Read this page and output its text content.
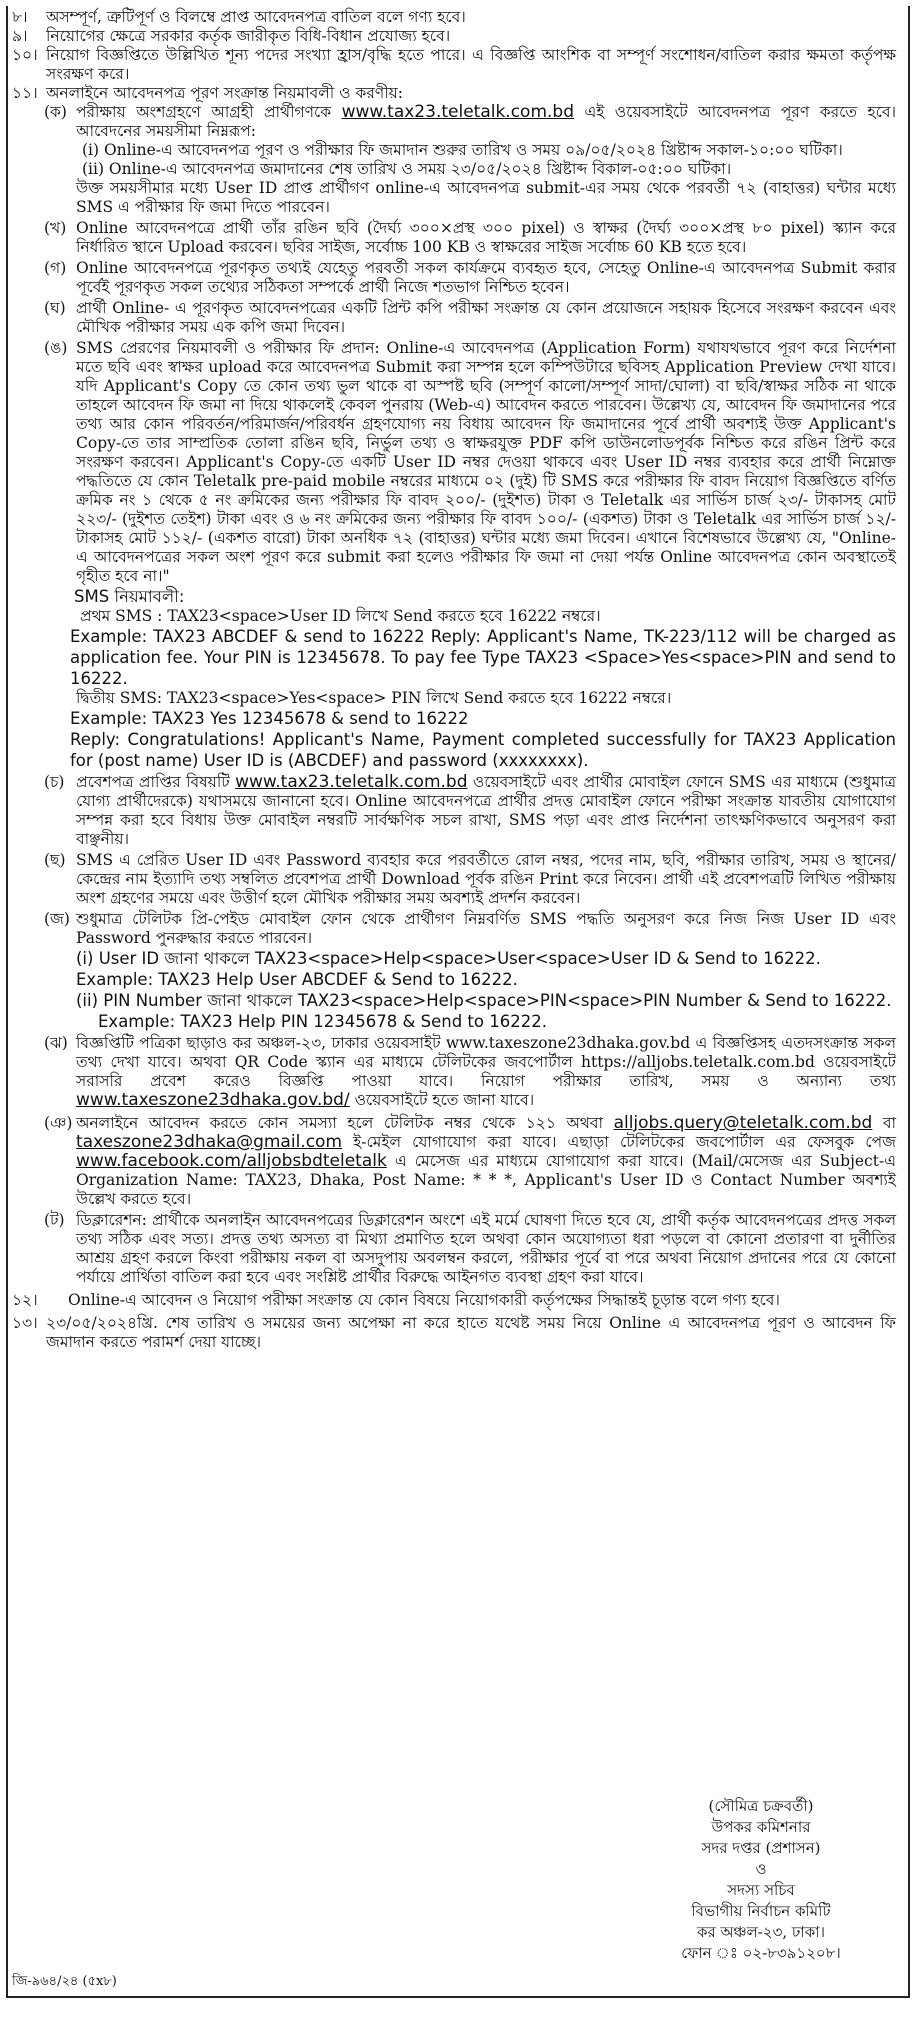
৮। অসম্পূর্ণ, ত্রুটিপূর্ণ ও বিলম্বে প্রাপ্ত আবেদনপত্র বাতিল বলে গণ্য হবে।
৯। নিয়োগের ক্ষেত্রে সরকার কর্তৃক জারীকৃত বিধি-বিধান প্রযোজ্য হবে।
১০। নিয়োগ বিজ্ঞপ্তিতে উল্লিখিত শূন্য পদের সংখ্যা হ্রাস/বৃদ্ধি হতে পারে। এ বিজ্ঞপ্তি আংশিক বা সম্পূর্ণ সংশোধন/বাতিল করার ক্ষমতা কর্তৃপক্ষ সংরক্ষণ করে।
১১। অনলাইনে আবেদনপত্র পূরণ সংক্রান্ত নিয়মাবলী ও করণীয়:
(ক) পরীক্ষায় অংশগ্রহণে আগ্রহী প্রার্থীগণকে www.tax23.teletalk.com.bd এই ওয়েবসাইটে আবেদনপত্র পূরণ করতে হবে। আবেদনের সময়সীমা নিম্নরূপ:
(i) Online-এ আবেদনপত্র পূরণ ও পরীক্ষার ফি জমাদান শুরুর তারিখ ও সময় ০৯/০৫/২০২৪ খ্রিষ্টাব্দ সকাল-১০:০০ ঘটিকা।
(ii) Online-এ আবেদনপত্র জমাদানের শেষ তারিখ ও সময় ২৩/০৫/২০২৪ খ্রিষ্টাব্দ বিকাল-০৫:০০ ঘটিকা।
উক্ত সময়সীমার মধ্যে User ID প্রাপ্ত প্রার্থীগণ online-এ আবেদনপত্র submit-এর সময় থেকে পরবর্তী ৭২ (বাহাত্তর) ঘন্টার মধ্যে SMS এ পরীক্ষার ফি জমা দিতে পারবেন।
(খ) Online আবেদনপত্রে প্রার্থী তাঁর রঙিন ছবি (দৈর্ঘ্য ৩০০×প্রস্থ ৩০০ pixel) ও স্বাক্ষর (দৈর্ঘ্য ৩০০×প্রস্থ ৮০ pixel) স্ক্যান করে নির্ধারিত স্থানে Upload করবেন। ছবির সাইজ, সর্বোচ্চ 100 KB ও স্বাক্ষরের সাইজ সর্বোচ্চ 60 KB হতে হবে।
(গ) Online আবেদনপত্রে পূরণকৃত তথ্যই যেহেতু পরবর্তী সকল কার্যক্রমে ব্যবহৃত হবে, সেহেতু Online-এ আবেদনপত্র Submit করার পূর্বেই পূরণকৃত সকল তথ্যের সঠিকতা সম্পর্কে প্রার্থী নিজে শতভাগ নিশ্চিত হবেন।
(ঘ) প্রার্থী Online- এ পূরণকৃত আবেদনপত্রের একটি প্রিন্ট কপি পরীক্ষা সংক্রান্ত যে কোন প্রয়োজনে সহায়ক হিসেবে সংরক্ষণ করবেন এবং মৌখিক পরীক্ষার সময় এক কপি জমা দিবেন।
(ঙ) SMS প্রেরণের নিয়মাবলী ও পরীক্ষার ফি প্রদান: Online-এ আবেদনপত্র (Application Form) যথাযথভাবে পূরণ করে নির্দেশনা মতে ছবি এবং স্বাক্ষর upload করে আবেদনপত্র Submit করা সম্পন্ন হলে কম্পিউটারে ছবিসহ Application Preview দেখা যাবে। যদি Applicant's Copy তে কোন তথ্য ভুল থাকে বা অস্পষ্ট ছবি (সম্পূর্ণ কালো/সম্পূর্ণ সাদা/ঘোলা) বা ছবি/স্বাক্ষর সঠিক না থাকে তাহলে আবেদন ফি জমা না দিয়ে থাকলেই কেবল পুনরায় (Web-এ) আবেদন করতে পারবেন। উল্লেখ্য যে, আবেদন ফি জমাদানের পরে তথ্য আর কোন পরিবর্তন/পরিমার্জন/পরিবর্ধন গ্রহণযোগ্য নয় বিধায় আবেদন ফি জমাদানের পূর্বে প্রার্থী অবশ্যই উক্ত Applicant's Copy-তে তার সাম্প্রতিক তোলা রঙিন ছবি, নির্ভুল তথ্য ও স্বাক্ষরযুক্ত PDF কপি ডাউনলোডপূর্বক নিশ্চিত করে রঙিন প্রিন্ট করে সংরক্ষণ করবেন। Applicant's Copy-তে একটি User ID নম্বর দেওয়া থাকবে এবং User ID নম্বর ব্যবহার করে প্রার্থী নিম্নোক্ত পদ্ধতিতে যে কোন Teletalk pre-paid mobile নম্বরের মাধ্যমে ০২ (দুই) টি SMS করে পরীক্ষার ফি বাবদ নিয়োগ বিজ্ঞপ্তিতে বর্ণিত ক্রমিক নং ১ থেকে ৫ নং ক্রমিকের জন্য পরীক্ষার ফি বাবদ ২০০/- (দুইশত) টাকা ও Teletalk এর সার্ভিস চার্জ ২৩/- টাকাসহ মোট ২২৩/- (দুইশত তেইশ) টাকা এবং ও ৬ নং ক্রমিকের জন্য পরীক্ষার ফি বাবদ ১০০/- (একশত) টাকা ও Teletalk এর সার্ভিস চার্জ ১২/- টাকাসহ মোট ১১২/- (একশত বারো) টাকা অনধিক ৭২ (বাহাত্তর) ঘন্টার মধ্যে জমা দিবেন। এখানে বিশেষভাবে উল্লেখ্য যে, "Online-এ আবেদনপত্রের সকল অংশ পূরণ করে submit করা হলেও পরীক্ষার ফি জমা না দেয়া পর্যন্ত Online আবেদনপত্র কোন অবস্থাতেই গৃহীত হবে না।"
SMS নিয়মাবলী:
প্রথম SMS : TAX23<space>User ID লিখে Send করতে হবে 16222 নম্বরে।
Example: TAX23 ABCDEF & send to 16222 Reply: Applicant's Name, TK-223/112 will be charged as application fee. Your PIN is 12345678. To pay fee Type TAX23 <Space>Yes<space>PIN and send to 16222.
দ্বিতীয় SMS: TAX23<space>Yes<space> PIN লিখে Send করতে হবে 16222 নম্বরে।
Example: TAX23 Yes 12345678 & send to 16222
Reply: Congratulations! Applicant's Name, Payment completed successfully for TAX23 Application for (post name) User ID is (ABCDEF) and password (xxxxxxxx).
(চ) প্রবেশপত্র প্রাপ্তির বিষয়টি www.tax23.teletalk.com.bd ওয়েবসাইটে এবং প্রার্থীর মোবাইল ফোনে SMS এর মাধ্যমে (শুধুমাত্র যোগ্য প্রার্থীদেরকে) যথাসময়ে জানানো হবে। Online আবেদনপত্রে প্রার্থীর প্রদত্ত মোবাইল ফোনে পরীক্ষা সংক্রান্ত যাবতীয় যোগাযোগ সম্পন্ন করা হবে বিধায় উক্ত মোবাইল নম্বরটি সার্বক্ষণিক সচল রাখা, SMS পড়া এবং প্রাপ্ত নির্দেশনা তাৎক্ষণিকভাবে অনুসরণ করা বাঞ্ছনীয়।
(ছ) SMS এ প্রেরিত User ID এবং Password ব্যবহার করে পরবর্তীতে রোল নম্বর, পদের নাম, ছবি, পরীক্ষার তারিখ, সময় ও স্থানের/কেন্দ্রের নাম ইত্যাদি তথ্য সম্বলিত প্রবেশপত্র প্রার্থী Download পূর্বক রঙিন Print করে নিবেন। প্রার্থী এই প্রবেশপত্রটি লিখিত পরীক্ষায় অংশ গ্রহণের সময়ে এবং উত্তীর্ণ হলে মৌখিক পরীক্ষার সময় অবশ্যই প্রদর্শন করবেন।
(জ) শুধুমাত্র টেলিটক প্রি-পেইড মোবাইল ফোন থেকে প্রার্থীগণ নিম্নবর্ণিত SMS পদ্ধতি অনুসরণ করে নিজ নিজ User ID এবং Password পুনরুদ্ধার করতে পারবেন।
(i) User ID জানা থাকলে TAX23<space>Help<space>User<space>User ID & Send to 16222.
Example: TAX23 Help User ABCDEF & Send to 16222.
(ii) PIN Number জানা থাকলে TAX23<space>Help<space>PIN<space>PIN Number & Send to 16222.
Example: TAX23 Help PIN 12345678 & Send to 16222.
(ঝ) বিজ্ঞপ্তিটি পত্রিকা ছাড়াও কর অঞ্চল-২৩, ঢাকার ওয়েবসাইট www.taxeszone23dhaka.gov.bd এ বিজ্ঞপ্তিসহ এতদসংক্রান্ত সকল তথ্য দেখা যাবে। অথবা QR Code স্ক্যান এর মাধ্যমে টেলিটকের জবপোর্টাল https://alljobs.teletalk.com.bd ওয়েবসাইটে সরাসরি প্রবেশ করেও বিজ্ঞপ্তি পাওয়া যাবে। নিয়োগ পরীক্ষার তারিখ, সময় ও অন্যান্য তথ্য www.taxeszone23dhaka.gov.bd/ ওয়েবসাইটে হতে জানা যাবে।
(ঞ) অনলাইনে আবেদন করতে কোন সমস্যা হলে টেলিটক নম্বর থেকে ১২১ অথবা alljobs.query@teletalk.com.bd বা taxeszone23dhaka@gmail.com ই-মেইল যোগাযোগ করা যাবে। এছাড়া টেলিটকের জবপোর্টাল এর ফেসবুক পেজ www.facebook.com/alljobsbdteletalk এ মেসেজ এর মাধ্যমে যোগাযোগ করা যাবে। (Mail/মেসেজ এর Subject-এ Organization Name: TAX23, Dhaka, Post Name: * * *, Applicant's User ID ও Contact Number অবশ্যই উল্লেখ করতে হবে।
(ট) ডিক্লারেশন: প্রার্থীকে অনলাইন আবেদনপত্রের ডিক্লারেশন অংশে এই মর্মে ঘোষণা দিতে হবে যে, প্রার্থী কর্তৃক আবেদনপত্রের প্রদত্ত সকল তথ্য সঠিক এবং সত্য। প্রদত্ত তথ্য অসত্য বা মিথ্যা প্রমাণিত হলে অথবা কোন অযোগ্যতা ধরা পড়লে বা কোনো প্রতারণা বা দুর্নীতির আশ্রয় গ্রহণ করলে কিংবা পরীক্ষায় নকল বা অসদুপায় অবলম্বন করলে, পরীক্ষার পূর্বে বা পরে অথবা নিয়োগ প্রদানের পরে যে কোনো পর্যায়ে প্রার্থিতা বাতিল করা হবে এবং সংশ্লিষ্ট প্রার্থীর বিরুদ্ধে আইনগত ব্যবস্থা গ্রহণ করা যাবে।
১২। Online-এ আবেদন ও নিয়োগ পরীক্ষা সংক্রান্ত যে কোন বিষয়ে নিয়োগকারী কর্তৃপক্ষের সিদ্ধান্তই চূড়ান্ত বলে গণ্য হবে।
১৩। ২৩/০৫/২০২৪খ্রি. শেষ তারিখ ও সময়ের জন্য অপেক্ষা না করে হাতে যথেষ্ট সময় নিয়ে Online এ আবেদনপত্র পূরণ ও আবেদন ফি জমাদান করতে পরামর্শ দেয়া যাচ্ছে।
(সৌমিত্র চক্রবর্তী)
উপকর কমিশনার
সদর দপ্তর (প্রশাসন)
ও
সদস্য সচিব
বিভাগীয় নির্বাচন কমিটি
কর অঞ্চল-২৩, ঢাকা।
ফোন ঃ ০২-৮৩৯১২০৮।
জি-৯৬৪/২৪ (৫x৮)
